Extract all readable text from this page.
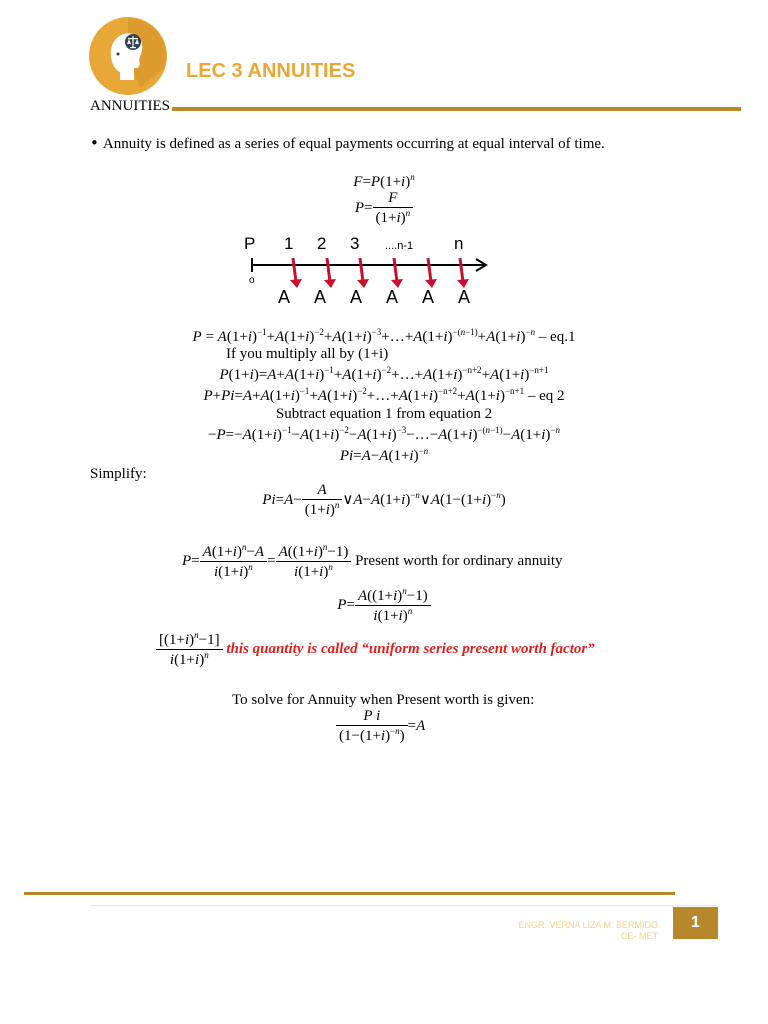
LEC 3 ANNUITIES
ANNUITIES
• Annuity is defined as a series of equal payments occurring at equal interval of time.
$F=P(1+i)^n$
$P= \frac{F}{(1+i)^n}$
P 1 2 3 ....n-1 n
o
A A A A A A
$P = A(1+i)^{-1}+A(1+i)^{-2}+A(1+i)^{-3}+\dots+A(1+i)^{-(n-1)}+A(1+i)^{-n} - eq.1$
If you multiply all by (1+i)
$P(1+i)=A+A(1+i)^{-1}+A(1+i)^{-2}+\dots+A(1+i)^{-n+2}+A(1+i)^{-n+1}$
$P+Pi=A+A(1+i)^{-1}+A(1+i)^{-2}+\dots+A(1+i)^{-n+2}+A(1+i)^{-n+1}$ – eq 2
Subtract equation 1 from equation 2
$-P=-A(1+i)^{-1}-A(1+i)^{-2}-A(1+i)^{-3}-\dots-A(1+i)^{-(n-1)}-A(1+i)^{-n}$
$Pi=A-A(1+i)^{-n}$
Simplify:
$Pi=A- \frac{A}{(1+i)^n}$ $\vee A-A(1+i)^{-n}\vee A(1-(1+i)^{-n})$
$P= \frac{A(1+i)^n-A}{i(1+i)^n} = \frac{A((1+i)^n-1)}{i(1+i)^n}$ Present worth for ordinary annuity
$P= \frac{A((1+i)^n-1)}{i(1+i)^n}$
$\frac{[(1+i)^n-1]}{i(1+i)^n}$ this quantity is called “uniform series present worth factor”
To solve for Annuity when Present worth is given:
$\frac{\text{P i}}{(1-(1+i)^{-n})} =A$
ENGR. VERNA LIZA M. BERMIDO
CE- MET
1
